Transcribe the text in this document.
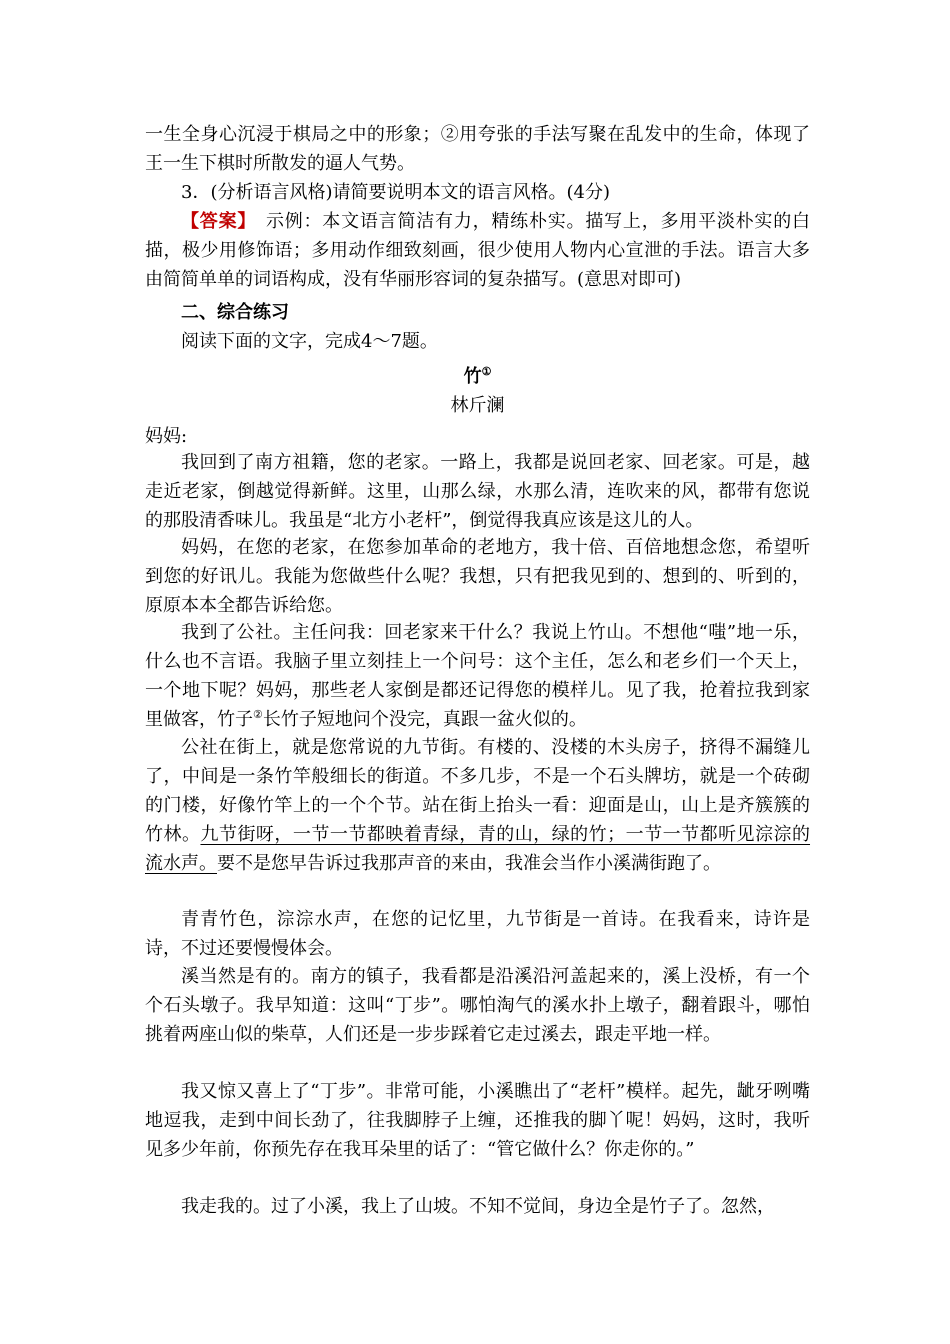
一生全身心沉浸于棋局之中的形象；②用夸张的手法写聚在乱发中的生命，体现了王一生下棋时所散发的逼人气势。

3．(分析语言风格)请简要说明本文的语言风格。(4分)

【答案】　示例：本文语言简洁有力，精练朴实。描写上，多用平淡朴实的白描，极少用修饰语；多用动作细致刻画，很少使用人物内心宣泄的手法。语言大多由简简单单的词语构成，没有华丽形容词的复杂描写。(意思对即可)

二、综合练习

阅读下面的文字，完成4～7题。

竹①

林斤澜

妈妈:

我回到了南方祖籍，您的老家。一路上，我都是说回老家、回老家。可是，越走近老家，倒越觉得新鲜。这里，山那么绿，水那么清，连吹来的风，都带有您说的那股清香味儿。我虽是“北方小老杆”，倒觉得我真应该是这儿的人。

妈妈，在您的老家，在您参加革命的老地方，我十倍、百倍地想念您，希望听到您的好讯儿。我能为您做些什么呢？我想，只有把我见到的、想到的、听到的，原原本本全都告诉给您。

我到了公社。主任问我：回老家来干什么？我说上竹山。不想他“嗤”地一乐，什么也不言语。我脑子里立刻挂上一个问号：这个主任，怎么和老乡们一个天上，一个地下呢？妈妈，那些老人家倒是都还记得您的模样儿。见了我，抢着拉我到家里做客，竹子②长竹子短地问个没完，真跟一盆火似的。

公社在街上，就是您常说的九节街。有楼的、没楼的木头房子，挤得不漏缝儿了，中间是一条竹竿般细长的街道。不多几步，不是一个石头牌坊，就是一个砖砌的门楼，好像竹竿上的一个个节。站在街上抬头一看：迎面是山，山上是齐簇簇的竹林。九节街呀，一节一节都映着青绿，青的山，绿的竹；一节一节都听见淙淙的流水声。要不是您早告诉过我那声音的来由，我准会当作小溪满街跑了。

青青竹色，淙淙水声，在您的记忆里，九节街是一首诗。在我看来，诗许是诗，不过还要慢慢体会。

溪当然是有的。南方的镇子，我看都是沿溪沿河盖起来的，溪上没桥，有一个个石头墩子。我早知道：这叫“丁步”。哪怕淘气的溪水扑上墩子，翻着跟斗，哪怕挑着两座山似的柴草，人们还是一步步踩着它走过溪去，跟走平地一样。

我又惊又喜上了“丁步”。非常可能，小溪瞧出了“老杆”模样。起先，龇牙咧嘴地逗我，走到中间长劲了，往我脚脖子上缠，还推我的脚丫呢！妈妈，这时，我听见多少年前，你预先存在我耳朵里的话了：“管它做什么？你走你的。”

我走我的。过了小溪，我上了山坡。不知不觉间，身边全是竹子了。忽然，
